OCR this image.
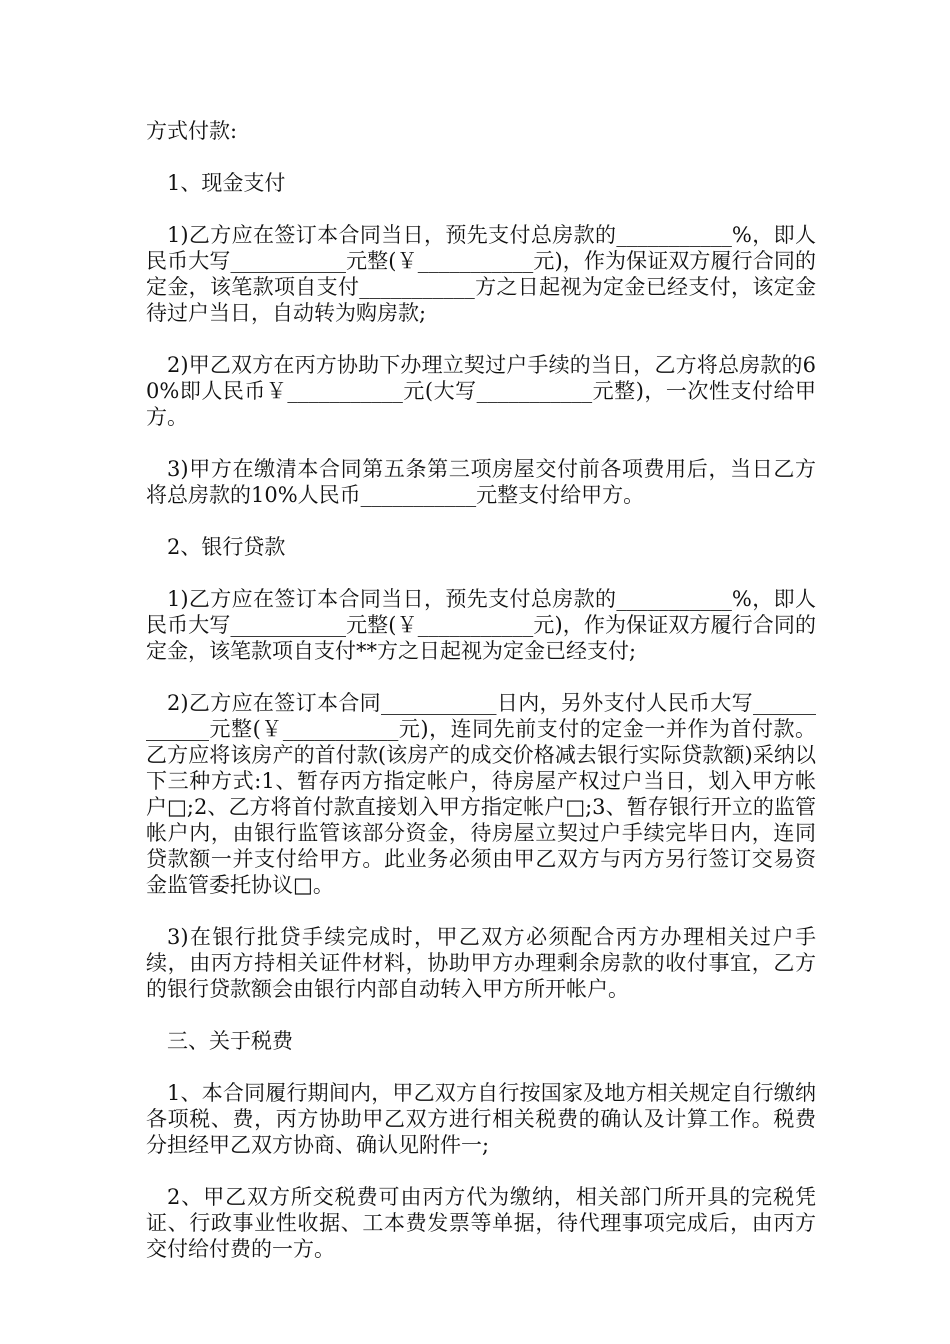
方式付款:

1、现金支付

1)乙方应在签订本合同当日，预先支付总房款的___________%，即人民币大写___________元整(￥___________元)，作为保证双方履行合同的定金，该笔款项自支付___________方之日起视为定金已经支付，该定金待过户当日，自动转为购房款;

2)甲乙双方在丙方协助下办理立契过户手续的当日，乙方将总房款的60%即人民币￥___________元(大写___________元整)，一次性支付给甲方。

3)甲方在缴清本合同第五条第三项房屋交付前各项费用后，当日乙方将总房款的10%人民币___________元整支付给甲方。

2、银行贷款

1)乙方应在签订本合同当日，预先支付总房款的___________%，即人民币大写___________元整(￥___________元)，作为保证双方履行合同的定金，该笔款项自支付**方之日起视为定金已经支付;

2)乙方应在签订本合同___________日内，另外支付人民币大写____________元整(￥___________元)，连同先前支付的定金一并作为首付款。乙方应将该房产的首付款(该房产的成交价格减去银行实际贷款额)采纳以下三种方式:1、暂存丙方指定帐户，待房屋产权过户当日，划入甲方帐户□;2、乙方将首付款直接划入甲方指定帐户□;3、暂存银行开立的监管帐户内，由银行监管该部分资金，待房屋立契过户手续完毕日内，连同贷款额一并支付给甲方。此业务必须由甲乙双方与丙方另行签订交易资金监管委托协议□。

3)在银行批贷手续完成时，甲乙双方必须配合丙方办理相关过户手续，由丙方持相关证件材料，协助甲方办理剩余房款的收付事宜，乙方的银行贷款额会由银行内部自动转入甲方所开帐户。

三、关于税费

1、本合同履行期间内，甲乙双方自行按国家及地方相关规定自行缴纳各项税、费，丙方协助甲乙双方进行相关税费的确认及计算工作。税费分担经甲乙双方协商、确认见附件一;

2、甲乙双方所交税费可由丙方代为缴纳，相关部门所开具的完税凭证、行政事业性收据、工本费发票等单据，待代理事项完成后，由丙方交付给付费的一方。
